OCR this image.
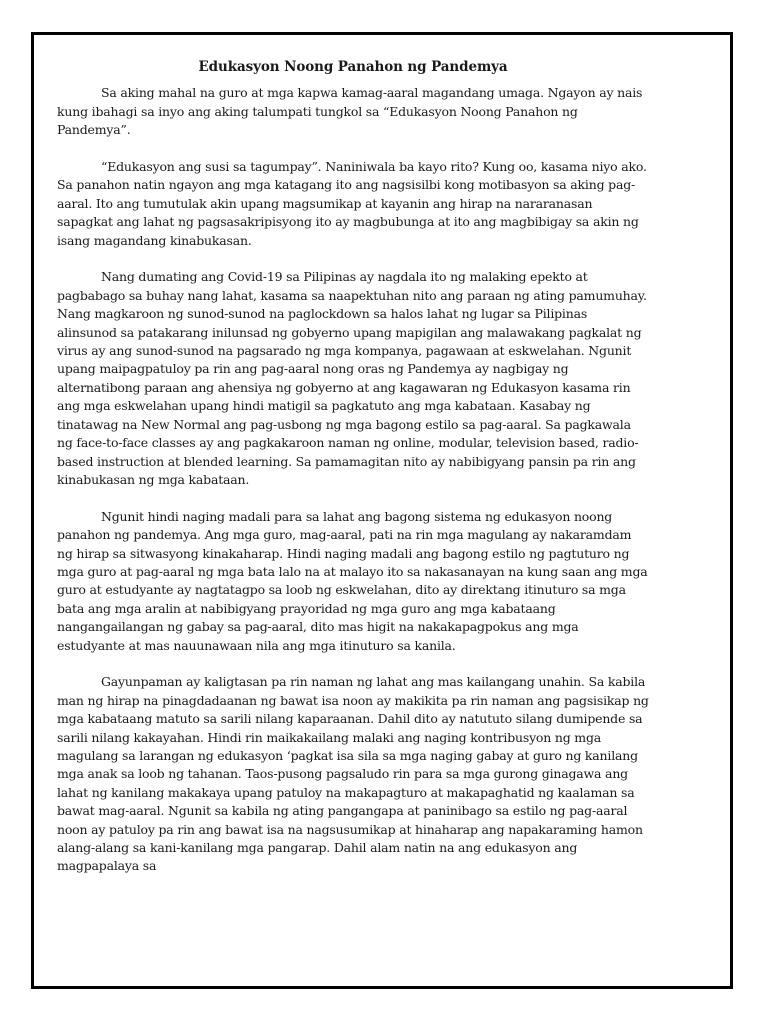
Edukasyon Noong Panahon ng Pandemya

Sa aking mahal na guro at mga kapwa kamag-aaral magandang umaga. Ngayon ay nais kung ibahagi sa inyo ang aking talumpati tungkol sa “Edukasyon Noong Panahon ng Pandemya”.

“Edukasyon ang susi sa tagumpay”. Naniniwala ba kayo rito? Kung oo, kasama niyo ako. Sa panahon natin ngayon ang mga katagang ito ang nagsisilbi kong motibasyon sa aking pag-aaral. Ito ang tumutulak akin upang magsumikap at kayanin ang hirap na nararanasan sapagkat ang lahat ng pagsasakripisyong ito ay magbubunga at ito ang magbibigay sa akin ng isang magandang kinabukasan.

Nang dumating ang Covid-19 sa Pilipinas ay nagdala ito ng malaking epekto at pagbabago sa buhay nang lahat, kasama sa naapektuhan nito ang paraan ng ating pamumuhay. Nang magkaroon ng sunod-sunod na paglockdown sa halos lahat ng lugar sa Pilipinas alinsunod sa patakarang inilunsad ng gobyerno upang mapigilan ang malawakang pagkalat ng virus ay ang sunod-sunod na pagsarado ng mga kompanya, pagawaan at eskwelahan. Ngunit upang maipagpatuloy pa rin ang pag-aaral nong oras ng Pandemya ay nagbigay ng alternatibong paraan ang ahensiya ng gobyerno at ang kagawaran ng Edukasyon kasama rin ang mga eskwelahan upang hindi matigil sa pagkatuto ang mga kabataan. Kasabay ng tinatawag na New Normal ang pag-usbong ng mga bagong estilo sa pag-aaral. Sa pagkawala ng face-to-face classes ay ang pagkakaroon naman ng online, modular, television based, radio-based instruction at blended learning. Sa pamamagitan nito ay nabibigyang pansin pa rin ang kinabukasan ng mga kabataan.

Ngunit hindi naging madali para sa lahat ang bagong sistema ng edukasyon noong panahon ng pandemya. Ang mga guro, mag-aaral, pati na rin mga magulang ay nakaramdam ng hirap sa sitwasyong kinakaharap. Hindi naging madali ang bagong estilo ng pagtuturo ng mga guro at pag-aaral ng mga bata lalo na at malayo ito sa nakasanayan na kung saan ang mga guro at estudyante ay nagtatagpo sa loob ng eskwelahan, dito ay direktang itinuturo sa mga bata ang mga aralin at nabibigyang prayoridad ng mga guro ang mga kabataang nangangailangan ng gabay sa pag-aaral, dito mas higit na nakakapagpokus ang mga estudyante at mas nauunawaan nila ang mga itinuturo sa kanila.

Gayunpaman ay kaligtasan pa rin naman ng lahat ang mas kailangang unahin. Sa kabila man ng hirap na pinagdadaanan ng bawat isa noon ay makikita pa rin naman ang pagsisikap ng mga kabataang matuto sa sarili nilang kaparaanan. Dahil dito ay natututo silang dumipende sa sarili nilang kakayahan. Hindi rin maikakailang malaki ang naging kontribusyon ng mga magulang sa larangan ng edukasyon ‘pagkat isa sila sa mga naging gabay at guro ng kanilang mga anak sa loob ng tahanan. Taos-pusong pagsaludo rin para sa mga gurong ginagawa ang lahat ng kanilang makakaya upang patuloy na makapagturo at makapaghatid ng kaalaman sa bawat mag-aaral. Ngunit sa kabila ng ating pangangapa at paninibago sa estilo ng pag-aaral noon ay patuloy pa rin ang bawat isa na nagsusumikap at hinaharap ang napakaraming hamon alang-alang sa kani-kanilang mga pangarap. Dahil alam natin na ang edukasyon ang magpapalaya sa
